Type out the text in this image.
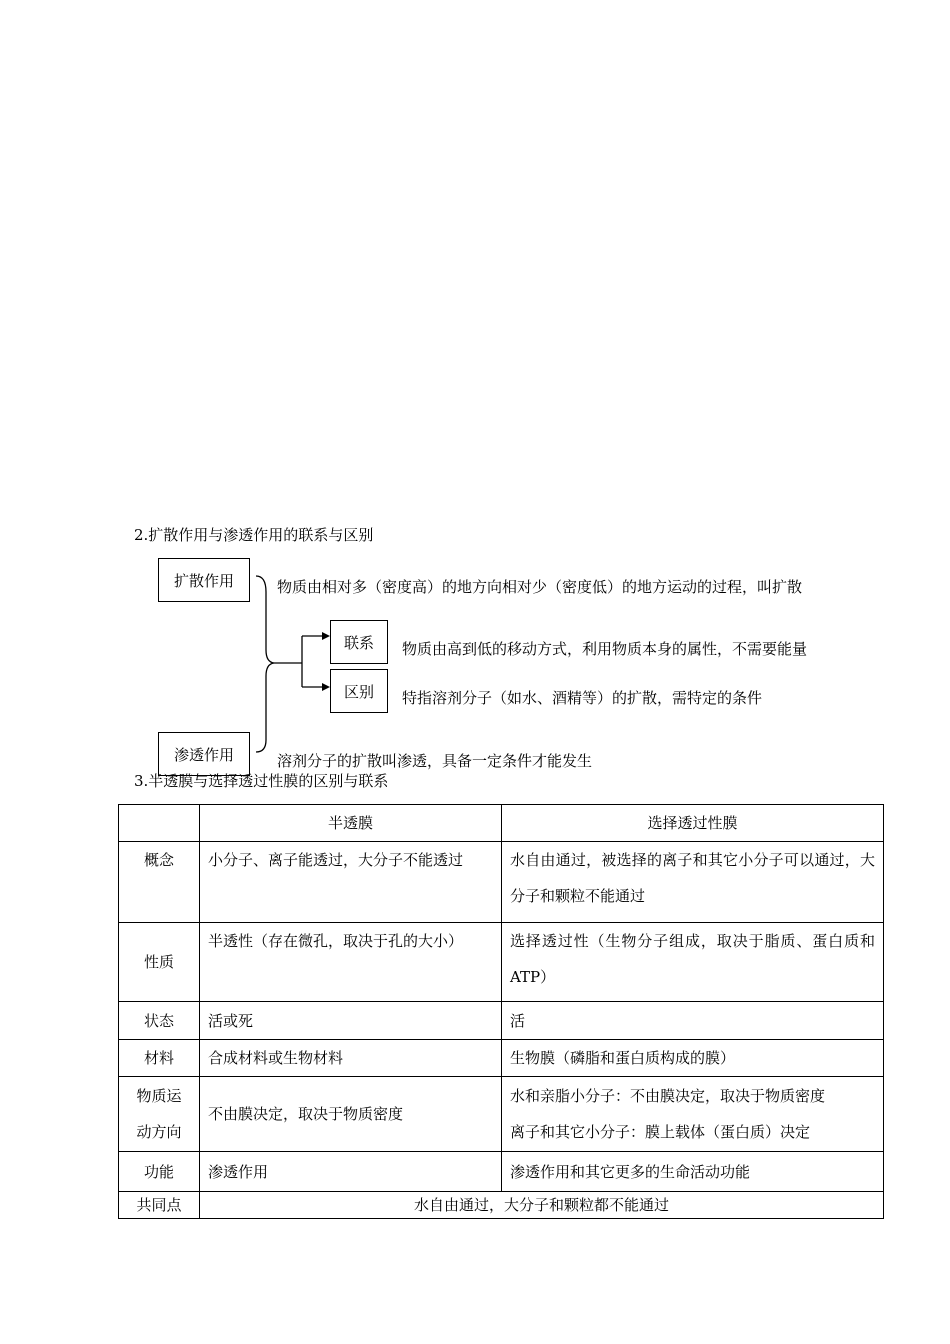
2.扩散作用与渗透作用的联系与区别
扩散作用
联系
区别
渗透作用
物质由相对多（密度高）的地方向相对少（密度低）的地方运动的过程，叫扩散
物质由高到低的移动方式，利用物质本身的属性，不需要能量
特指溶剂分子（如水、酒精等）的扩散，需特定的条件
溶剂分子的扩散叫渗透，具备一定条件才能发生
3.半透膜与选择透过性膜的区别与联系
	半透膜	选择透过性膜
概念	小分子、离子能透过，大分子不能透过	水自由通过，被选择的离子和其它小分子可以通过，大分子和颗粒不能通过

性质	半透性（存在微孔，取决于孔的大小）	选择透过性（生物分子组成，取决于脂质、蛋白质和ATP）

状态	活或死	活
材料	合成材料或生物材料	生物膜（磷脂和蛋白质构成的膜）

物质运动方向	不由膜决定，取决于物质密度	水和亲脂小分子：不由膜决定，取决于物质密度
离子和其它小分子：膜上载体（蛋白质）决定

功能	渗透作用	渗透作用和其它更多的生命活动功能
共同点	水自由通过，大分子和颗粒都不能通过	
